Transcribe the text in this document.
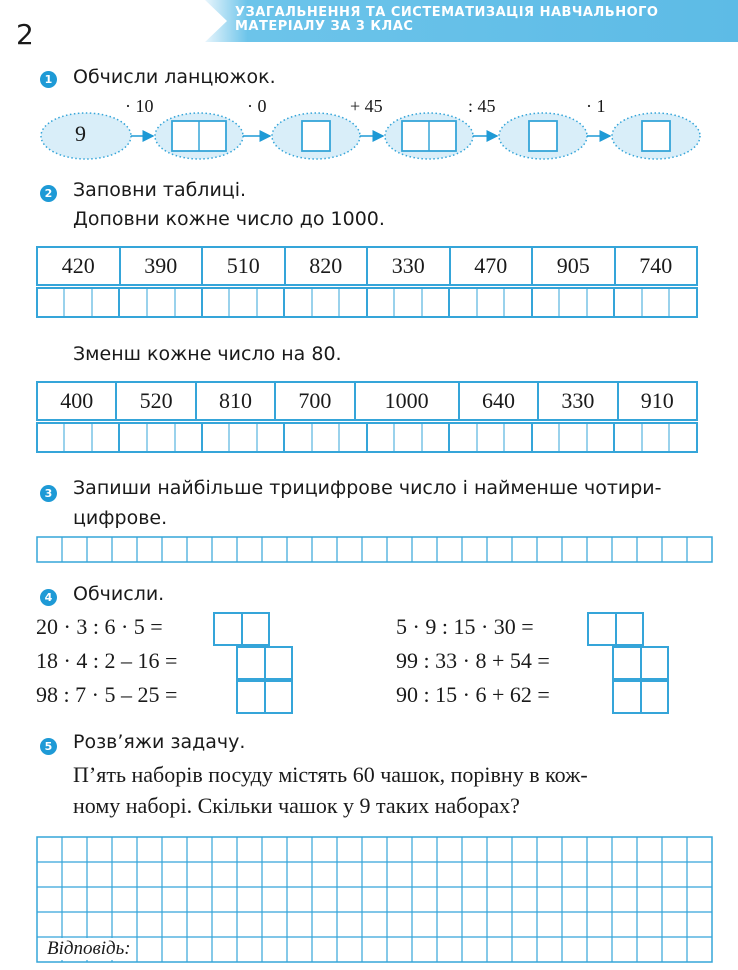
2
УЗАГАЛЬНЕННЯ ТА СИСТЕМАТИЗАЦІЯ НАВЧАЛЬНОГО
МАТЕРІАЛУ ЗА 3 КЛАС
1 Обчисли ланцюжок.
9
· 10	· 0	+ 45	: 45	· 1
2 Заповни таблиці.
Доповни кожне число до 1000.
420	390	510	820	330	470	905	740
Зменш кожне число на 80.
400	520	810	700	1000	640	330	910
3 Запиши найбільше трицифрове число і найменше чотири-
цифрове.
4 Обчисли.
20 · 3 : 6 · 5 =
18 · 4 : 2 – 16 =
98 : 7 · 5 – 25 =
5 · 9 : 15 · 30 =
99 : 33 · 8 + 54 =
90 : 15 · 6 + 62 =
5 Розв’яжи задачу.
П’ять наборів посуду містять 60 чашок, порівну в кож-
ному наборі. Скільки чашок у 9 таких наборах?
Відповідь:
